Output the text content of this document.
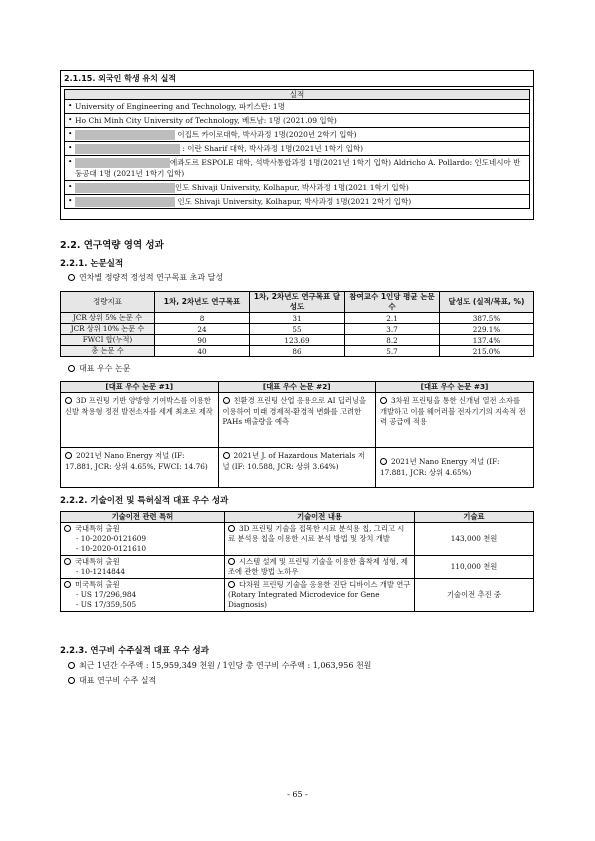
2.1.15. 외국인 학생 유치 실적
실적
• University of Engineering and Technology, 파키스탄: 1명
• Ho Chi Minh City University of Technology, 베트남: 1명 (2021.09 입학)
• 이집트 카이로대학, 박사과정 1명(2020년 2학기 입학)
• : 이란 Sharif 대학, 박사과정 1명(2021년 1학기 입학)
• 에콰도르 ESPOLE 대학, 석박사통합과정 1명(2021년 1학기 입학) Aldricho A. Pollardo: 인도네시아 반둥공대 1명 (2021년 1학기 입학)
• 인도 Shivaji University, Kolhapur, 박사과정 1명(2021 1학기 입학)
• 인도 Shivaji University, Kolhapur, 박사과정 1명(2021 2학기 입학)
2.2. 연구역량 영역 성과
2.2.1. 논문실적
연차별 정량적 정성적 연구목표 초과 달성
정량지표	1차, 2차년도 연구목표	1차, 2차년도 연구목표 달성도	참여교수 1인당 평균 논문수	달성도 (실적/목표, %)
JCR 상위 5% 논문 수	8	31	2.1	387.5%
JCR 상위 10% 논문 수	24	55	3.7	229.1%
FWCI 합(누적)	90	123.69	8.2	137.4%
총 논문 수	40	86	5.7	215.0%
대표 우수 논문
[대표 우수 논문 #1]	[대표 우수 논문 #2]	[대표 우수 논문 #3]
3D 프린팅 기반 양방향 기여박스를 이용한 신발 착용형 정전 발전소자를 세계 최초로 제작	친환경 프린팅 산업 응용으로 AI 딥러닝을 이용하여 미래 경제적-환경적 변화를 고려한 PAHs 배출량을 예측	3차원 프린팅을 통한 신개념 열전 소자를 개발하고 이를 웨어러블 전자기기의 지속적 전력 공급에 적용
2021년 Nano Energy 저널 (IF: 17.881, JCR: 상위 4.65%, FWCI: 14.76)	2021년 J. of Hazardous Materials 저널 (IF: 10.588, JCR: 상위 3.64%)	2021년 Nano Energy 저널 (IF: 17.881, JCR: 상위 4.65%)
2.2.2. 기술이전 및 특허실적 대표 우수 성과
기술이전 관련 특허	기술이전 내용	기술료

국내특허 출원
- 10-2020-0121609
- 10-2020-0121610	3D 프린팅 기술을 접목한 시료 분석용 칩, 그리고 시료 분석용 칩을 이용한 시료 분석 방법 및 장치 개발	143,000 천원

국내특허 출원
- 10-1214844	시스템 설계 및 프린팅 기술을 이용한 흡착제 성형, 제조에 관한 방법 노하우	110,000 천원

미국특허 출원
- US 17/296,984
- US 17/359,505	다차원 프린팅 기술을 응용한 진단 디바이스 개발 연구 (Rotary Integrated Microdevice for Gene Diagnosis)	기술이전 추진 중
2.2.3. 연구비 수주실적 대표 우수 성과
최근 1년간 수주액 : 15,959,349 천원 / 1인당 총 연구비 수주액 : 1,063,956 천원
대표 연구비 수주 실적
- 65 -
